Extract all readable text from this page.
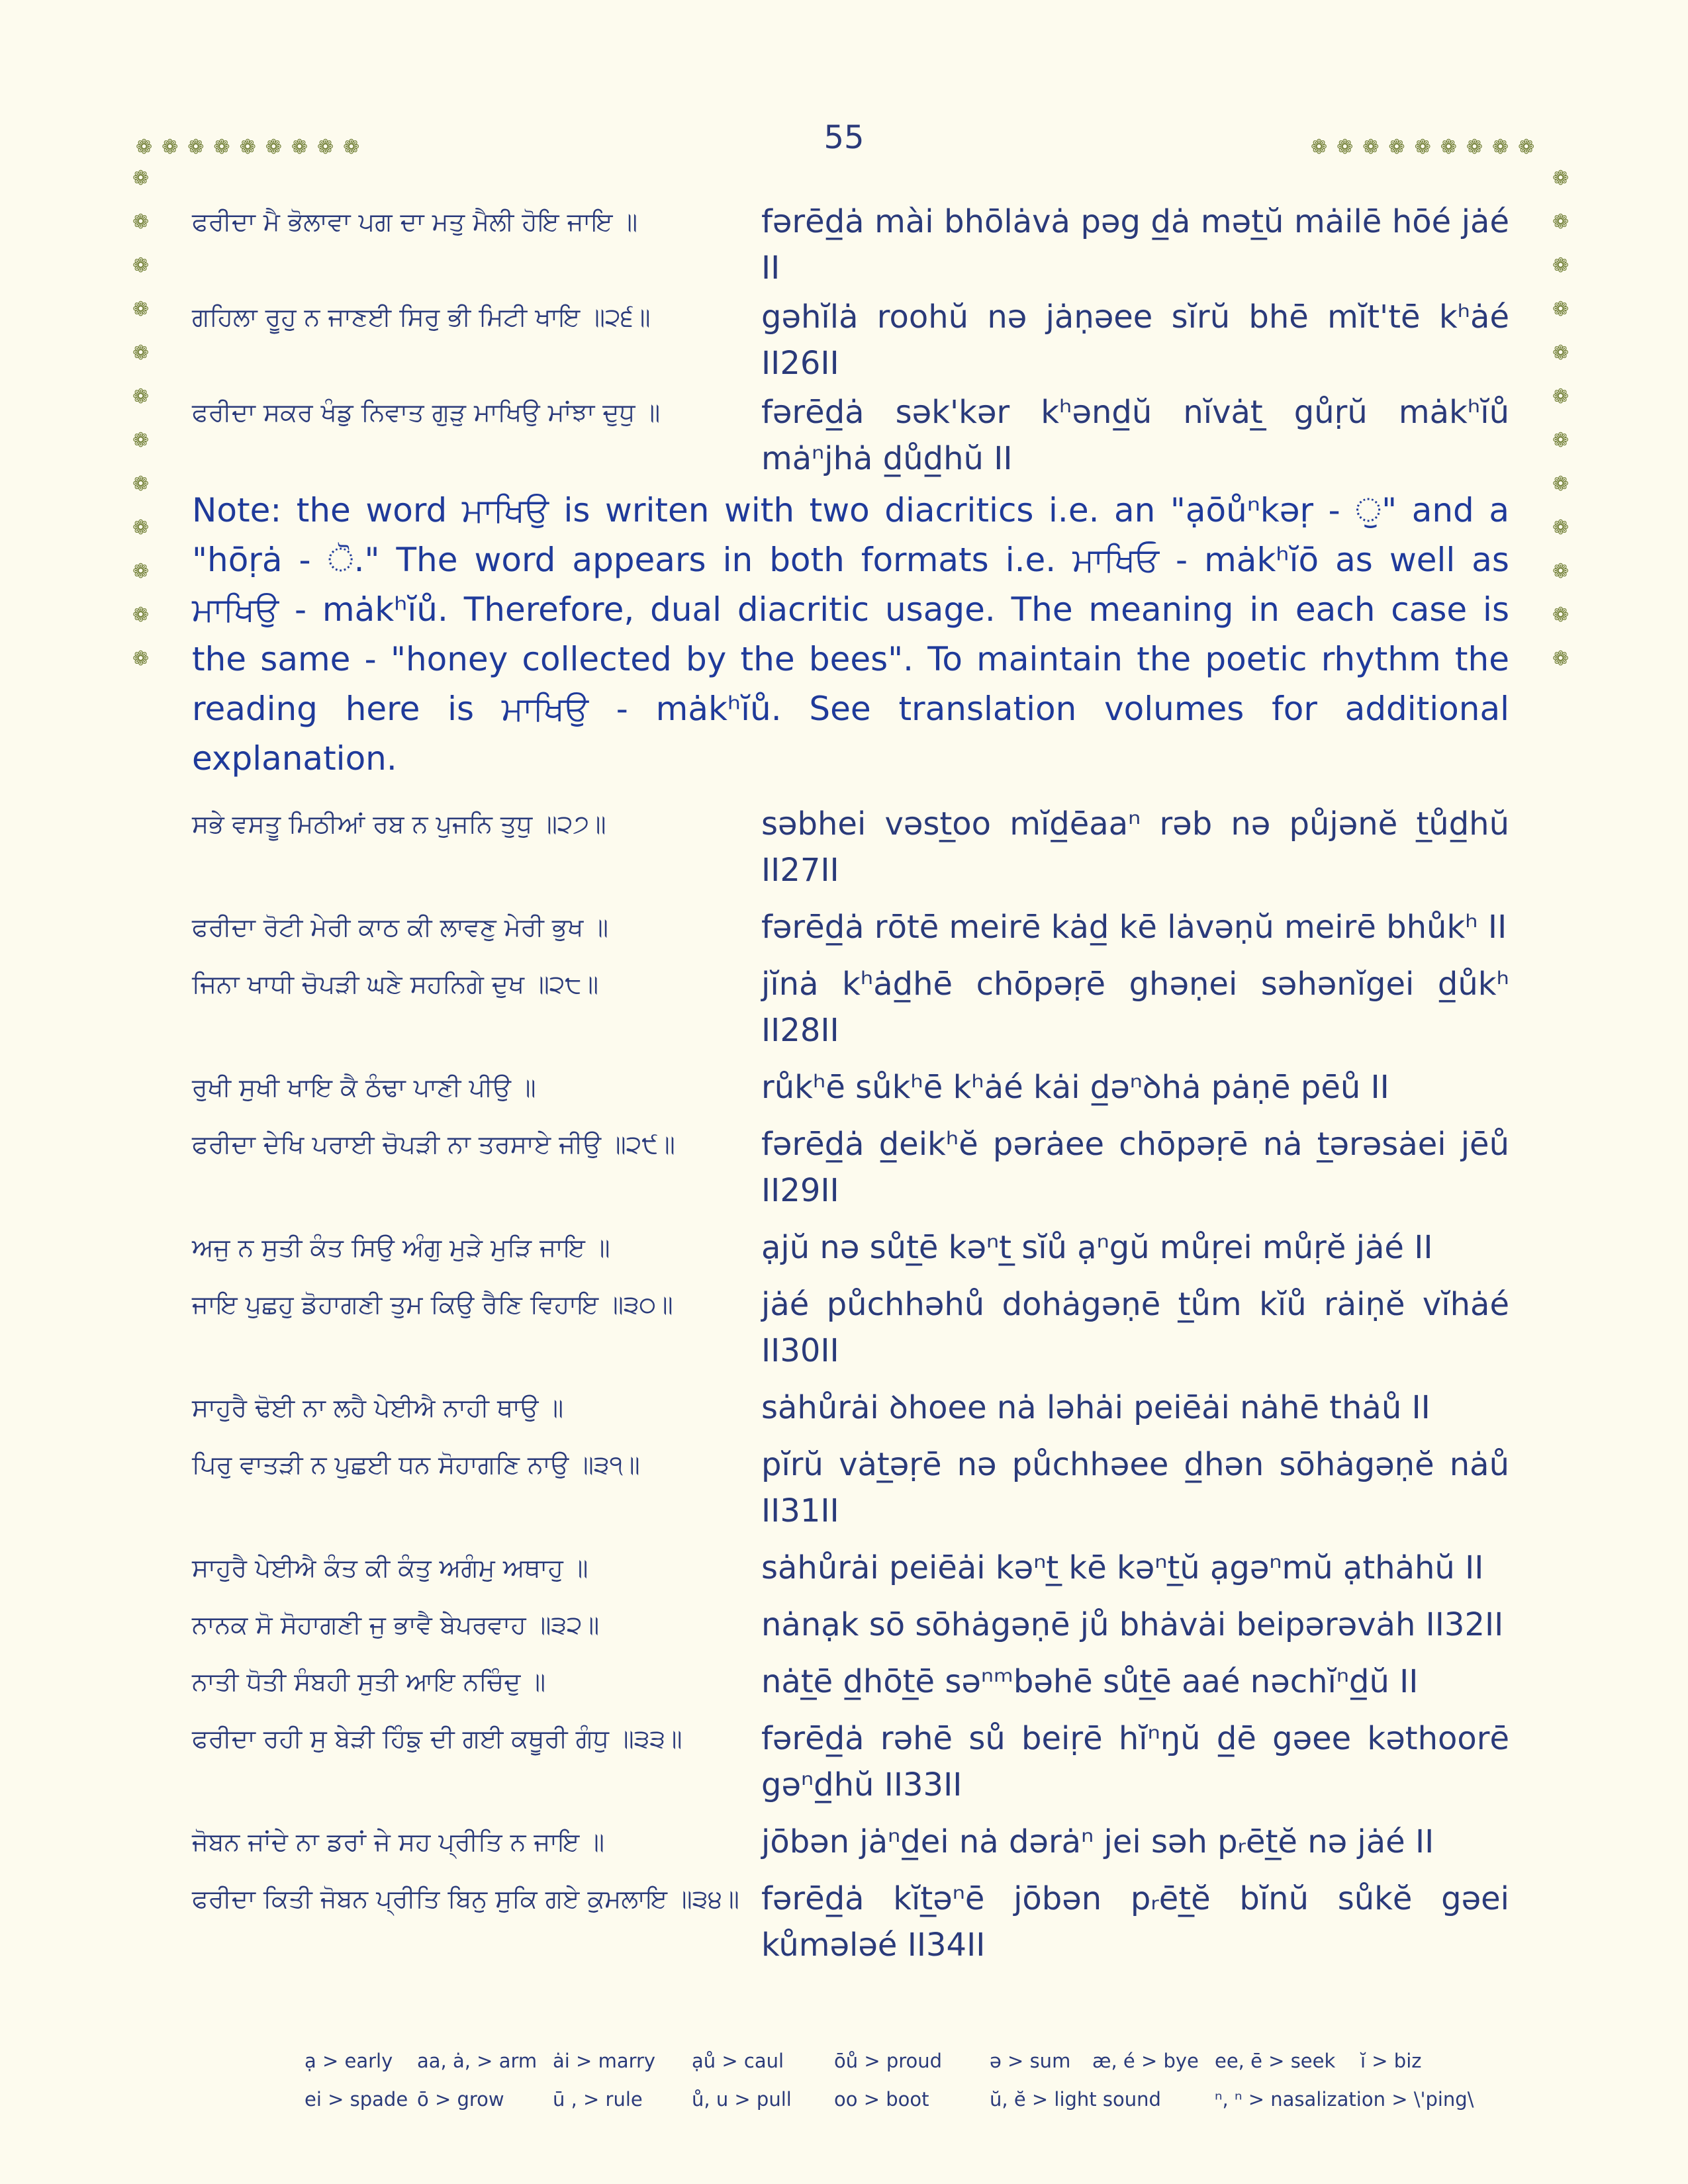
55
❁ ❁ ❁ ❁ ❁ ❁ ❁ ❁ ❁	❁ ❁ ❁ ❁ ❁ ❁ ❁ ❁ ❁
❁
❁
❁
❁
❁
❁
❁
❁
❁
❁
❁
❁
❁
❁
❁
❁
❁
❁
❁
❁
❁
❁
❁
❁
ਫਰੀਦਾ ਮੈ ਭੋਲਾਵਾ ਪਗ ਦਾ ਮਤੁ ਮੈਲੀ ਹੋਇ ਜਾਇ ॥	fərēd̲ȧ mài bhōlȧvȧ pəg d̲ȧ mət̲ŭ mȧilē hōé jȧé II
ਗਹਿਲਾ ਰੂਹੁ ਨ ਜਾਣਈ ਸਿਰੁ ਭੀ ਮਿਟੀ ਖਾਇ ॥੨੬॥	gəhĭlȧ roohŭ nə jȧṇəee sĭrŭ bhē mĭt'tē kʰȧé II26II
ਫਰੀਦਾ ਸਕਰ ਖੰਡੁ ਨਿਵਾਤ ਗੁੜੁ ਮਾਖਿਉ ਮਾਂਝਾ ਦੁਧੁ ॥	fərēd̲ȧ sək'kər kʰənd̲ŭ nĭvȧt̲ gůṛŭ mȧkʰĭů mȧⁿjhȧ d̲ůd̲hŭ II
Note: the word ਮਾਖਿਉ is writen with two diacritics i.e. an "ạōůⁿkəṛ - ੁ" and a "hōṛȧ - ੋ." The word appears in both formats i.e. ਮਾਖਿਓ - mȧkʰĭō as well as ਮਾਖਿਉ - mȧkʰĭů. Therefore, dual diacritic usage. The meaning in each case is the same - "honey collected by the bees". To maintain the poetic rhythm the reading here is ਮਾਖਿਉ - mȧkʰĭů. See translation volumes for additional explanation.
ਸਭੇ ਵਸਤੂ ਮਿਠੀਆਂ ਰਬ ਨ ਪੁਜਨਿ ਤੁਧੁ ॥੨੭॥	səbhei vəst̲oo mĭd̲ēaaⁿ rəb nə půjənĕ t̲ůd̲hŭ II27II
ਫਰੀਦਾ ਰੋਟੀ ਮੇਰੀ ਕਾਠ ਕੀ ਲਾਵਣੁ ਮੇਰੀ ਭੁਖ ॥	fərēd̲ȧ rōtē meirē kȧd̲ kē lȧvəṇŭ meirē bhůkʰ II
ਜਿਨਾ ਖਾਧੀ ਚੋਪੜੀ ਘਣੇ ਸਹਨਿਗੇ ਦੁਖ ॥੨੮॥	jĭnȧ kʰȧd̲hē chōpəṛē ghəṇei səhənĭgei d̲ůkʰ II28II
ਰੁਖੀ ਸੁਖੀ ਖਾਇ ਕੈ ਠੰਢਾ ਪਾਣੀ ਪੀਉ ॥	růkʰē sůkʰē kʰȧé kȧi d̲əⁿꝺhȧ pȧṇē pēů II
ਫਰੀਦਾ ਦੇਖਿ ਪਰਾਈ ਚੋਪੜੀ ਨਾ ਤਰਸਾਏ ਜੀਉ ॥੨੯॥	fərēd̲ȧ d̲eikʰĕ pərȧee chōpəṛē nȧ t̲ərəsȧei jēů II29II
ਅਜੁ ਨ ਸੁਤੀ ਕੰਤ ਸਿਉ ਅੰਗੁ ਮੁੜੇ ਮੁੜਿ ਜਾਇ ॥	ạjŭ nə sůt̲ē kəⁿt̲ sĭů ạⁿgŭ můṛei můṛĕ jȧé II
ਜਾਇ ਪੁਛਹੁ ਡੋਹਾਗਣੀ ਤੁਮ ਕਿਉ ਰੈਣਿ ਵਿਹਾਇ ॥੩੦॥	jȧé půchhəhů dohȧgəṇē t̲ům kĭů rȧiṇĕ vĭhȧé II30II
ਸਾਹੁਰੈ ਢੋਈ ਨਾ ਲਹੈ ਪੇਈਐ ਨਾਹੀ ਥਾਉ ॥	sȧhůrȧi ꝺhoee nȧ ləhȧi peiēȧi nȧhē thȧů II
ਪਿਰੁ ਵਾਤੜੀ ਨ ਪੁਛਈ ਧਨ ਸੋਹਾਗਣਿ ਨਾਉ ॥੩੧॥	pĭrŭ vȧt̲əṛē nə půchhəee d̲hən sōhȧgəṇĕ nȧů II31II
ਸਾਹੁਰੈ ਪੇਈਐ ਕੰਤ ਕੀ ਕੰਤੁ ਅਗੰਮੁ ਅਥਾਹੁ ॥	sȧhůrȧi peiēȧi kəⁿt̲ kē kəⁿt̲ŭ ạgəⁿmŭ ạthȧhŭ II
ਨਾਨਕ ਸੋ ਸੋਹਾਗਣੀ ਜੁ ਭਾਵੈ ਬੇਪਰਵਾਹ ॥੩੨॥	nȧnạk sō sōhȧgəṇē jů bhȧvȧi beipərəvȧh II32II
ਨਾਤੀ ਧੋਤੀ ਸੰਬਹੀ ਸੁਤੀ ਆਇ ਨਚਿੰਦੁ ॥	nȧt̲ē d̲hōt̲ē səⁿᵐbəhē sůt̲ē aaé nəchĭⁿd̲ŭ II
ਫਰੀਦਾ ਰਹੀ ਸੁ ਬੇੜੀ ਹਿੰਙੁ ਦੀ ਗਈ ਕਥੂਰੀ ਗੰਧੁ ॥੩੩॥	fərēd̲ȧ rəhē sů beiṛē hĭⁿŋŭ d̲ē gəee kəthoorē gəⁿd̲hŭ II33II
ਜੋਬਨ ਜਾਂਦੇ ਨਾ ਡਰਾਂ ਜੇ ਸਹ ਪ੍ਰੀਤਿ ਨ ਜਾਇ ॥	jōbən jȧⁿd̲ei nȧ dərȧⁿ jei səh pᵣēt̲ĕ nə jȧé II
ਫਰੀਦਾ ਕਿਤੀ ਜੋਬਨ ਪ੍ਰੀਤਿ ਬਿਨੁ ਸੁਕਿ ਗਏ ਕੁਮਲਾਇ ॥੩੪॥ fərēd̲ȧ kĭt̲əⁿē jōbən pᵣēt̲ĕ bĭnŭ sůkĕ gəei kůmələé II34II
ạ > early	aa, ȧ, > arm ȧi > marry	ạů > caul	ōů > proud	ə > sum	æ, é > bye ee, ē > seek	ĭ > biz
ei > spade ō > grow	ū , > rule	ů, u > pull	oo > boot	ŭ, ĕ > light sound	ⁿ, ⁿ > nasalization > \'ping\
